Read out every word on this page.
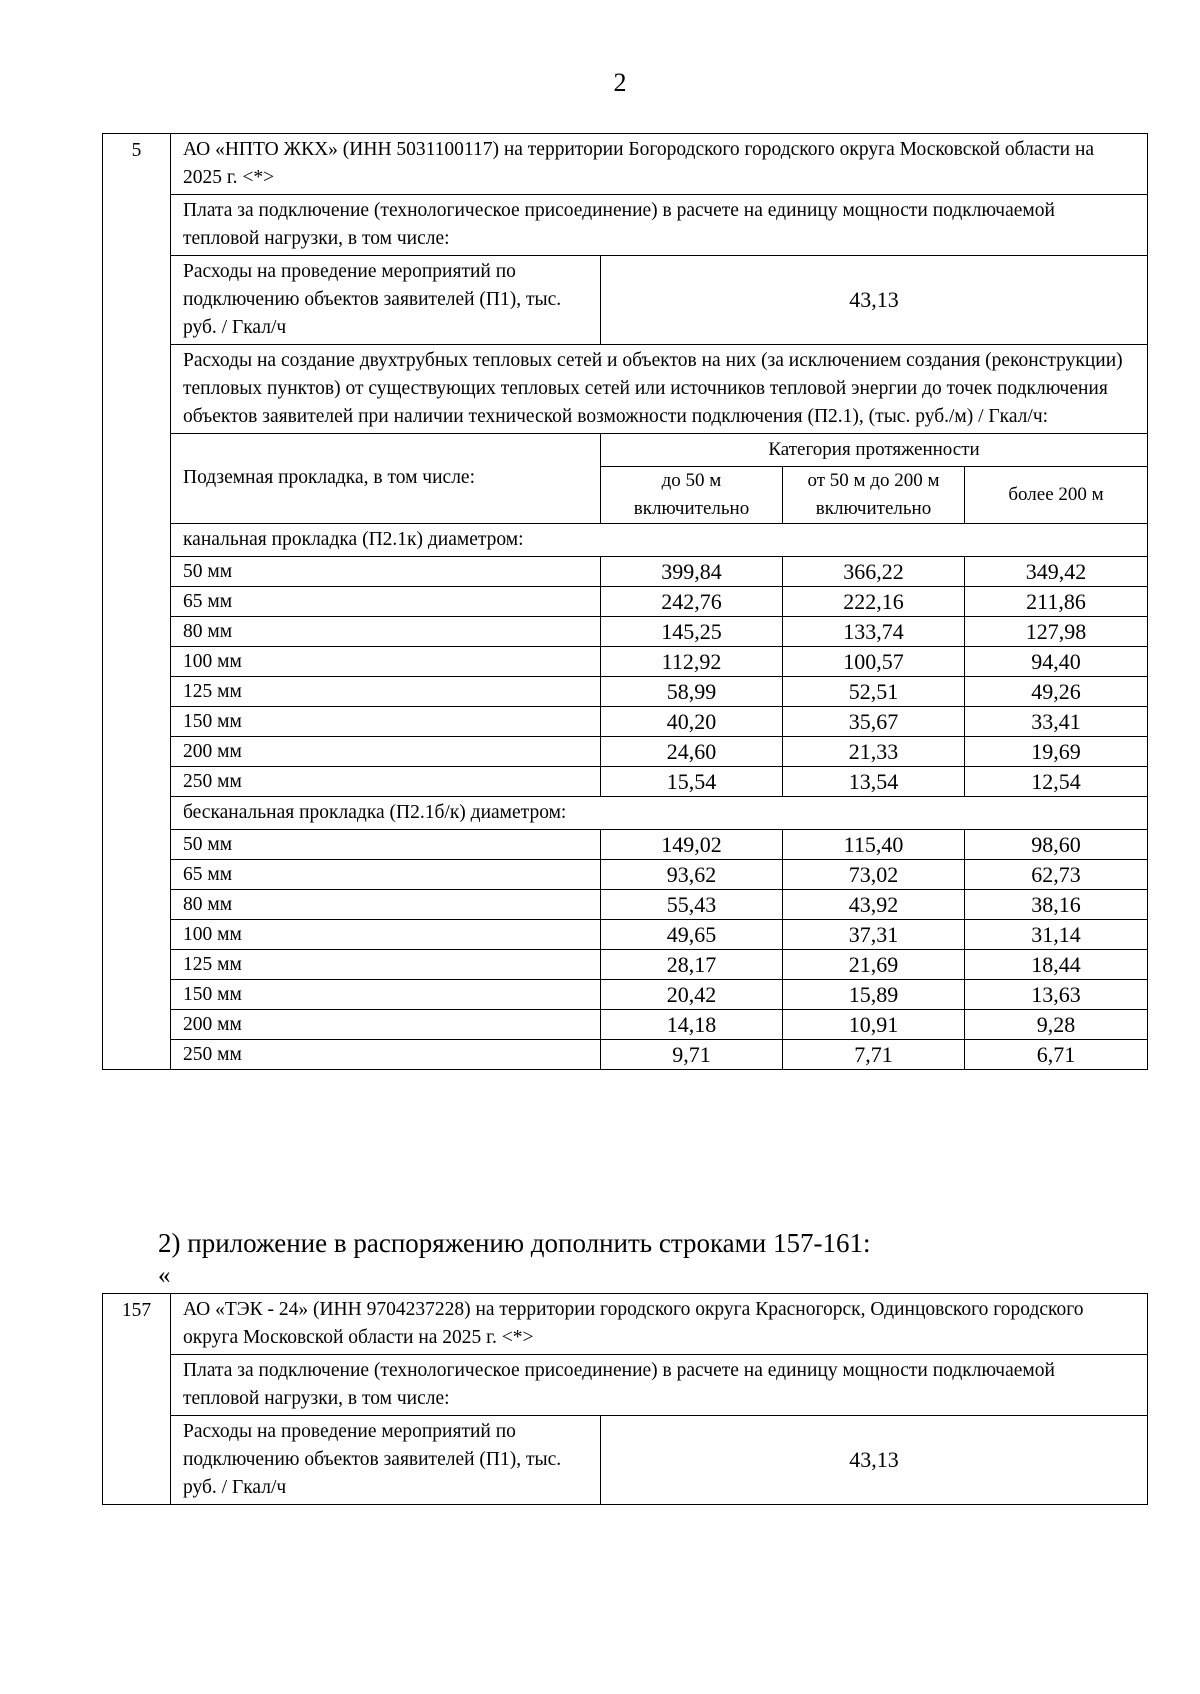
2
5	АО «НПТО ЖКХ» (ИНН 5031100117) на территории Богородского городского округа Московской области на 2025 г. <*>			
	Плата за подключение (технологическое присоединение) в расчете на единицу мощности подключаемой тепловой нагрузки, в том числе:			
	Расходы на проведение мероприятий по подключению объектов заявителей (П1), тыс. руб. / Гкал/ч	43,13		
	Расходы на создание двухтрубных тепловых сетей и объектов на них (за исключением создания (реконструкции) тепловых пунктов) от существующих тепловых сетей или источников тепловой энергии до точек подключения объектов заявителей при наличии технической возможности подключения (П2.1), (тыс. руб./м) / Гкал/ч:			
	Подземная прокладка, в том числе:	Категория протяженности		
		до 50 м включительно	от 50 м до 200 м включительно	более 200 м
	канальная прокладка (П2.1к) диаметром:			
	50 мм	399,84	366,22	349,42
	65 мм	242,76	222,16	211,86
	80 мм	145,25	133,74	127,98
	100 мм	112,92	100,57	94,40
	125 мм	58,99	52,51	49,26
	150 мм	40,20	35,67	33,41
	200 мм	24,60	21,33	19,69
	250 мм	15,54	13,54	12,54
	бесканальная прокладка (П2.1б/к) диаметром:			
	50 мм	149,02	115,40	98,60
	65 мм	93,62	73,02	62,73
	80 мм	55,43	43,92	38,16
	100 мм	49,65	37,31	31,14
	125 мм	28,17	21,69	18,44
	150 мм	20,42	15,89	13,63
	200 мм	14,18	10,91	9,28
	250 мм	9,71	7,71	6,71
2) приложение в распоряжению дополнить строками 157-161:
«
157	АО «ТЭК - 24» (ИНН 9704237228) на территории городского округа Красногорск, Одинцовского городского округа Московской области на 2025 г. <*>	
	Плата за подключение (технологическое присоединение) в расчете на единицу мощности подключаемой тепловой нагрузки, в том числе:	
	Расходы на проведение мероприятий по подключению объектов заявителей (П1), тыс. руб. / Гкал/ч	43,13
